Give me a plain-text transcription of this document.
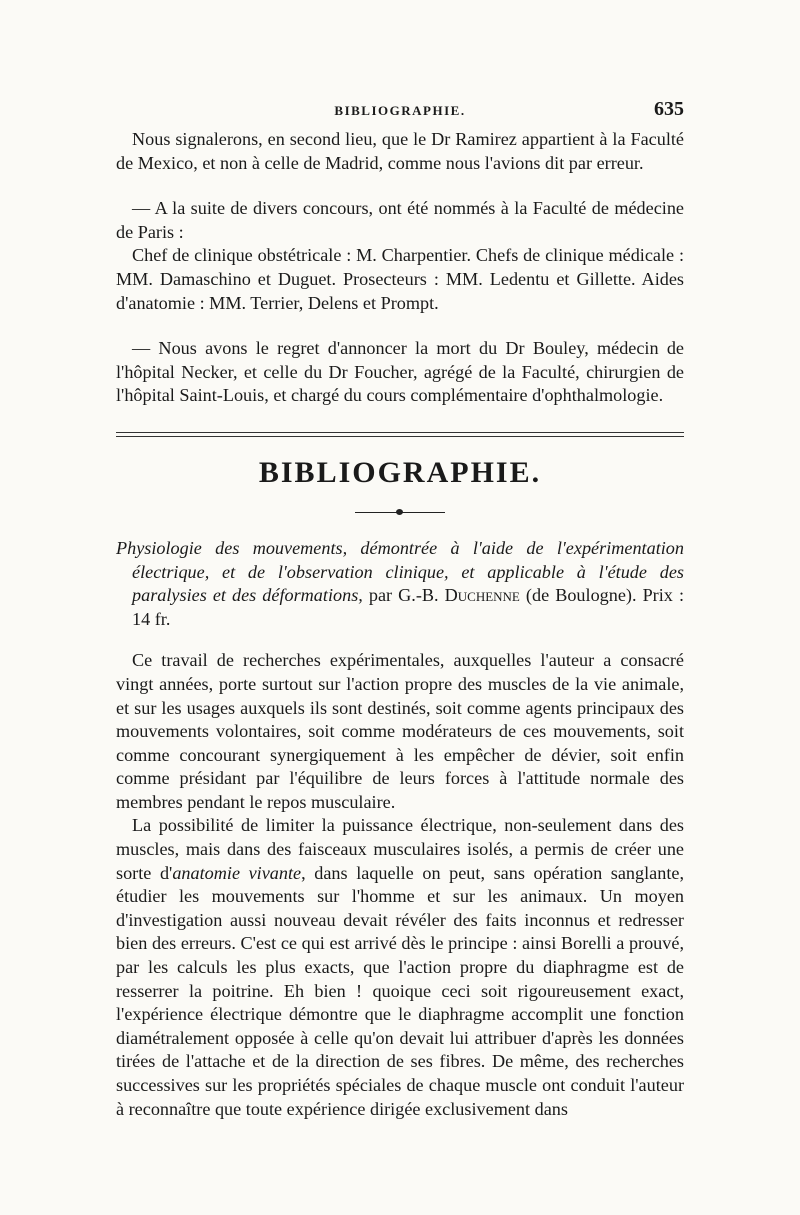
BIBLIOGRAPHIE.	635

Nous signalerons, en second lieu, que le Dr Ramirez appartient à la Faculté de Mexico, et non à celle de Madrid, comme nous l'avions dit par erreur.

— A la suite de divers concours, ont été nommés à la Faculté de médecine de Paris :

Chef de clinique obstétricale : M. Charpentier. Chefs de clinique médicale : MM. Damaschino et Duguet. Prosecteurs : MM. Ledentu et Gillette. Aides d'anatomie : MM. Terrier, Delens et Prompt.

— Nous avons le regret d'annoncer la mort du Dr Bouley, médecin de l'hôpital Necker, et celle du Dr Foucher, agrégé de la Faculté, chirurgien de l'hôpital Saint-Louis, et chargé du cours complémentaire d'ophthalmologie.

BIBLIOGRAPHIE.

Physiologie des mouvements, démontrée à l'aide de l'expérimentation électrique, et de l'observation clinique, et applicable à l'étude des paralysies et des déformations, par G.-B. Duchenne (de Boulogne). Prix : 14 fr.

Ce travail de recherches expérimentales, auxquelles l'auteur a consacré vingt années, porte surtout sur l'action propre des muscles de la vie animale, et sur les usages auxquels ils sont destinés, soit comme agents principaux des mouvements volontaires, soit comme modérateurs de ces mouvements, soit comme concourant synergiquement à les empêcher de dévier, soit enfin comme présidant par l'équilibre de leurs forces à l'attitude normale des membres pendant le repos musculaire.

La possibilité de limiter la puissance électrique, non-seulement dans des muscles, mais dans des faisceaux musculaires isolés, a permis de créer une sorte d'anatomie vivante, dans laquelle on peut, sans opération sanglante, étudier les mouvements sur l'homme et sur les animaux. Un moyen d'investigation aussi nouveau devait révéler des faits inconnus et redresser bien des erreurs. C'est ce qui est arrivé dès le principe : ainsi Borelli a prouvé, par les calculs les plus exacts, que l'action propre du diaphragme est de resserrer la poitrine. Eh bien ! quoique ceci soit rigoureusement exact, l'expérience électrique démontre que le diaphragme accomplit une fonction diamétralement opposée à celle qu'on devait lui attribuer d'après les données tirées de l'attache et de la direction de ses fibres. De même, des recherches successives sur les propriétés spéciales de chaque muscle ont conduit l'auteur à reconnaître que toute expérience dirigée exclusivement dans
